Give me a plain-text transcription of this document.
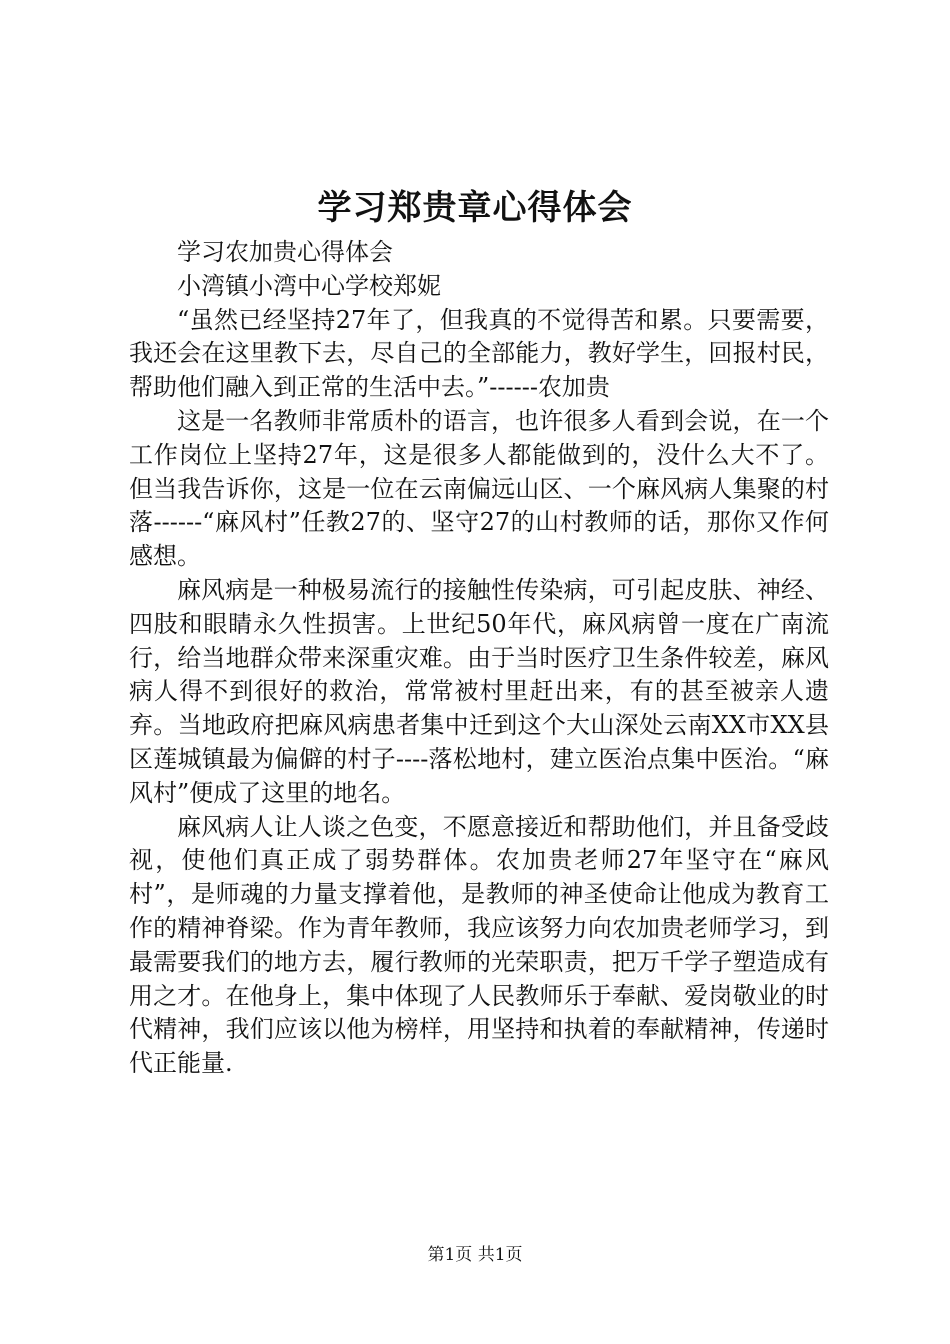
学习郑贵章心得体会

学习农加贵心得体会

小湾镇小湾中心学校郑妮

“虽然已经坚持27年了，但我真的不觉得苦和累。只要需要，我还会在这里教下去，尽自己的全部能力，教好学生，回报村民，帮助他们融入到正常的生活中去。”------农加贵

这是一名教师非常质朴的语言，也许很多人看到会说，在一个工作岗位上坚持27年，这是很多人都能做到的，没什么大不了。但当我告诉你，这是一位在云南偏远山区、一个麻风病人集聚的村落------“麻风村”任教27的、坚守27的山村教师的话，那你又作何感想。

麻风病是一种极易流行的接触性传染病，可引起皮肤、神经、四肢和眼睛永久性损害。上世纪50年代，麻风病曾一度在广南流行，给当地群众带来深重灾难。由于当时医疗卫生条件较差，麻风病人得不到很好的救治，常常被村里赶出来，有的甚至被亲人遗弃。当地政府把麻风病患者集中迁到这个大山深处云南XX市XX县区莲城镇最为偏僻的村子----落松地村，建立医治点集中医治。“麻风村”便成了这里的地名。

麻风病人让人谈之色变，不愿意接近和帮助他们，并且备受歧视，使他们真正成了弱势群体。农加贵老师27年坚守在“麻风村”，是师魂的力量支撑着他，是教师的神圣使命让他成为教育工作的精神脊梁。作为青年教师，我应该努力向农加贵老师学习，到最需要我们的地方去，履行教师的光荣职责，把万千学子塑造成有用之才。在他身上，集中体现了人民教师乐于奉献、爱岗敬业的时代精神，我们应该以他为榜样，用坚持和执着的奉献精神，传递时代正能量.

第1页 共1页
